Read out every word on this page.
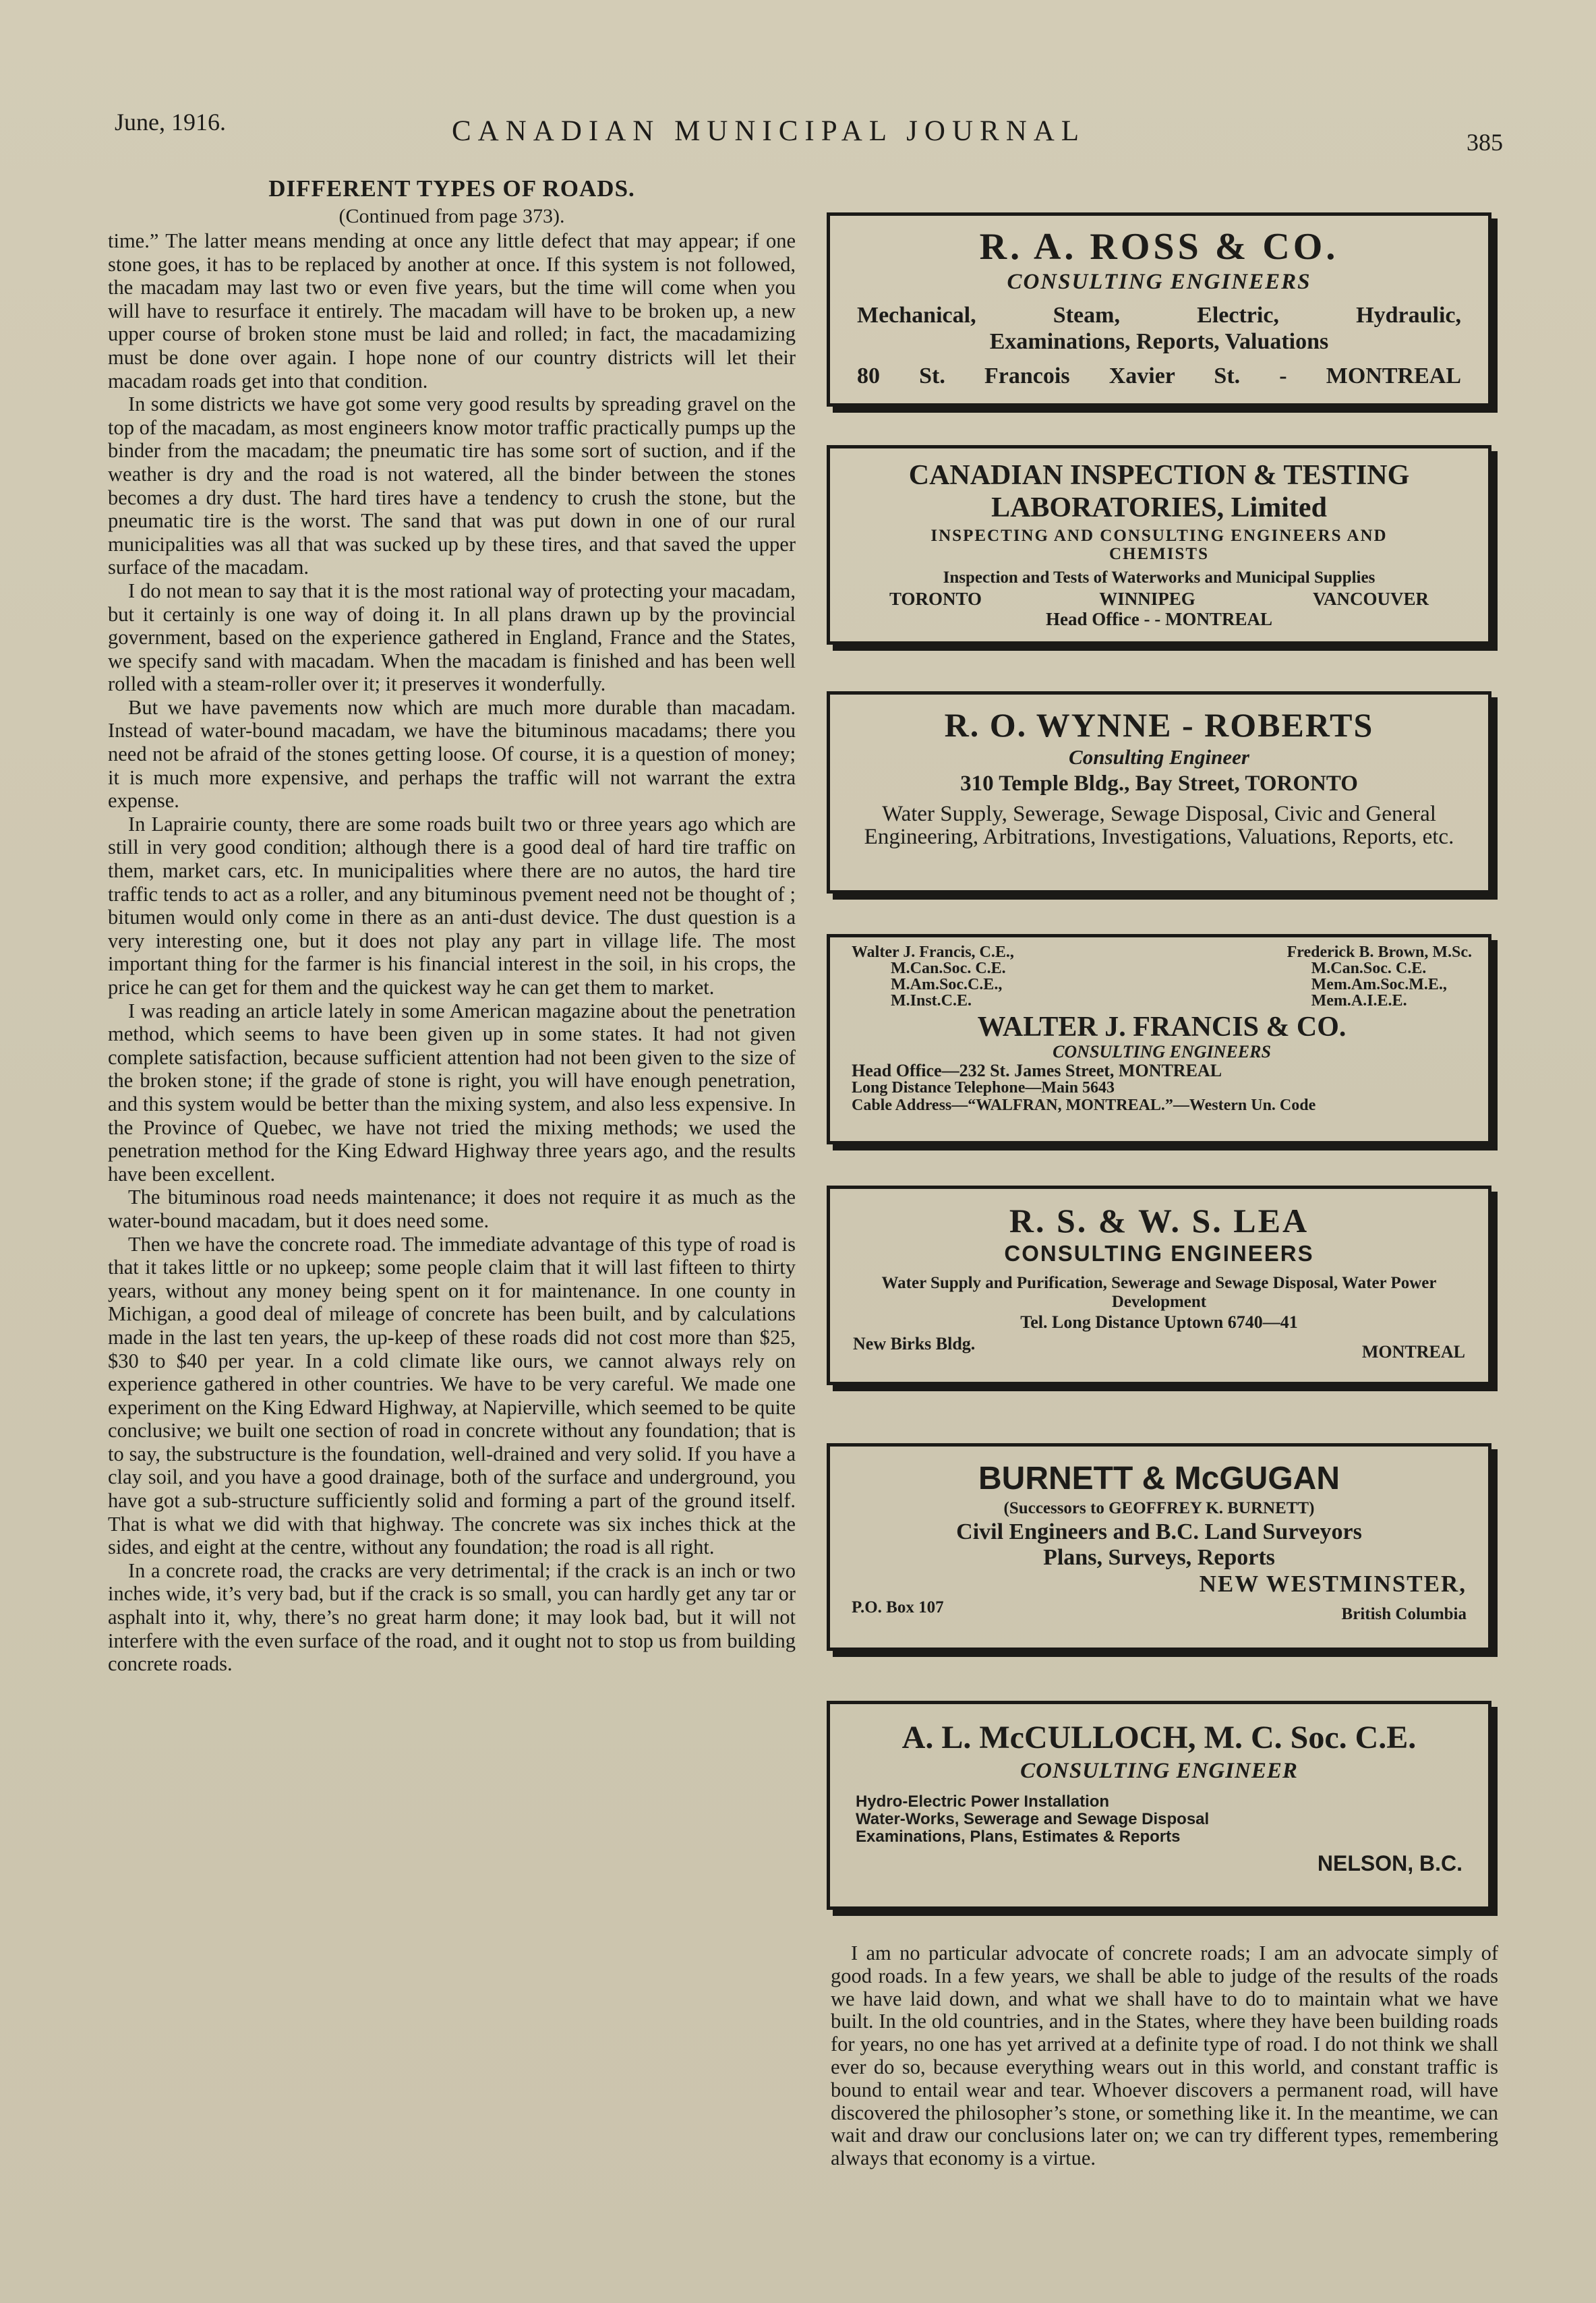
June, 1916.	CANADIAN MUNICIPAL JOURNAL	385
DIFFERENT TYPES OF ROADS.
(Continued from page 373).

time.” The latter means mending at once any little defect that may appear; if one stone goes, it has to be replaced by another at once. If this system is not followed, the macadam may last two or even five years, but the time will come when you will have to resurface it entirely. The macadam will have to be broken up, a new upper course of broken stone must be laid and rolled; in fact, the macadamizing must be done over again. I hope none of our country districts will let their macadam roads get into that condition.

In some districts we have got some very good results by spreading gravel on the top of the macadam, as most engineers know motor traffic practically pumps up the binder from the macadam; the pneumatic tire has some sort of suction, and if the weather is dry and the road is not watered, all the binder between the stones becomes a dry dust. The hard tires have a tendency to crush the stone, but the pneumatic tire is the worst. The sand that was put down in one of our rural municipalities was all that was sucked up by these tires, and that saved the upper surface of the macadam.

I do not mean to say that it is the most rational way of protecting your macadam, but it certainly is one way of doing it. In all plans drawn up by the provincial government, based on the experience gathered in England, France and the States, we specify sand with macadam. When the macadam is finished and has been well rolled with a steam-roller over it; it preserves it wonderfully.

But we have pavements now which are much more durable than macadam. Instead of water-bound macadam, we have the bituminous macadams; there you need not be afraid of the stones getting loose. Of course, it is a question of money; it is much more expensive, and perhaps the traffic will not warrant the extra expense.

In Laprairie county, there are some roads built two or three years ago which are still in very good condition; although there is a good deal of hard tire traffic on them, market cars, etc. In municipalities where there are no autos, the hard tire traffic tends to act as a roller, and any bituminous pvement need not be thought of ; bitumen would only come in there as an anti-dust device. The dust question is a very interesting one, but it does not play any part in village life. The most important thing for the farmer is his financial interest in the soil, in his crops, the price he can get for them and the quickest way he can get them to market.

I was reading an article lately in some American magazine about the penetration method, which seems to have been given up in some states. It had not given complete satisfaction, because sufficient attention had not been given to the size of the broken stone; if the grade of stone is right, you will have enough penetration, and this system would be better than the mixing system, and also less expensive. In the Province of Quebec, we have not tried the mixing methods; we used the penetration method for the King Edward Highway three years ago, and the results have been excellent.

The bituminous road needs maintenance; it does not require it as much as the water-bound macadam, but it does need some.

Then we have the concrete road. The immediate advantage of this type of road is that it takes little or no upkeep; some people claim that it will last fifteen to thirty years, without any money being spent on it for maintenance. In one county in Michigan, a good deal of mileage of concrete has been built, and by calculations made in the last ten years, the up-keep of these roads did not cost more than $25, $30 to $40 per year. In a cold climate like ours, we cannot always rely on experience gathered in other countries. We have to be very careful. We made one experiment on the King Edward Highway, at Napierville, which seemed to be quite conclusive; we built one section of road in concrete without any foundation; that is to say, the substructure is the foundation, well-drained and very solid. If you have a clay soil, and you have a good drainage, both of the surface and underground, you have got a sub-structure sufficiently solid and forming a part of the ground itself. That is what we did with that highway. The concrete was six inches thick at the sides, and eight at the centre, without any foundation; the road is all right.

In a concrete road, the cracks are very detrimental; if the crack is an inch or two inches wide, it’s very bad, but if the crack is so small, you can hardly get any tar or asphalt into it, why, there’s no great harm done; it may look bad, but it will not interfere with the even surface of the road, and it ought not to stop us from building concrete roads.

R. A. ROSS & CO.
CONSULTING ENGINEERS
Mechanical, Steam, Electric, Hydraulic,
Examinations, Reports, Valuations
80 St. Francois Xavier St. - MONTREAL
CANADIAN INSPECTION & TESTING
LABORATORIES, Limited
INSPECTING AND CONSULTING ENGINEERS AND
CHEMISTS
Inspection and Tests of Waterworks and Municipal Supplies
TORONTO	WINNIPEG	VANCOUVER
Head Office - - MONTREAL
R. O. WYNNE - ROBERTS
Consulting Engineer
310 Temple Bldg., Bay Street, TORONTO
Water Supply, Sewerage, Sewage Disposal, Civic and General Engineering, Arbitrations, Investigations, Valuations, Reports, etc.
Walter J. Francis, C.E.,
M.Can.Soc. C.E.
M.Am.Soc.C.E.,
M.Inst.C.E.
Frederick B. Brown, M.Sc.
M.Can.Soc. C.E.
Mem.Am.Soc.M.E.,
Mem.A.I.E.E.
WALTER J. FRANCIS & CO.
CONSULTING ENGINEERS
Head Office—232 St. James Street, MONTREAL
Long Distance Telephone—Main 5643
Cable Address—“WALFRAN, MONTREAL.”—Western Un. Code
R. S. & W. S. LEA
CONSULTING ENGINEERS
Water Supply and Purification, Sewerage and Sewage Disposal, Water Power Development
Tel. Long Distance Uptown 6740—41
New Birks Bldg.	MONTREAL
BURNETT & McGUGAN
(Successors to GEOFFREY K. BURNETT)
Civil Engineers and B.C. Land Surveyors
Plans, Surveys, Reports
NEW WESTMINSTER,
P.O. Box 107	British Columbia
A. L. McCULLOCH, M. C. Soc. C.E.
CONSULTING ENGINEER
Hydro-Electric Power Installation
Water-Works, Sewerage and Sewage Disposal
Examinations, Plans, Estimates & Reports
NELSON, B.C.

I am no particular advocate of concrete roads; I am an advocate simply of good roads. In a few years, we shall be able to judge of the results of the roads we have laid down, and what we shall have to do to maintain what we have built. In the old countries, and in the States, where they have been building roads for years, no one has yet arrived at a definite type of road. I do not think we shall ever do so, because everything wears out in this world, and constant traffic is bound to entail wear and tear. Whoever discovers a permanent road, will have discovered the philosopher’s stone, or something like it. In the meantime, we can wait and draw our conclusions later on; we can try different types, remembering always that economy is a virtue.
